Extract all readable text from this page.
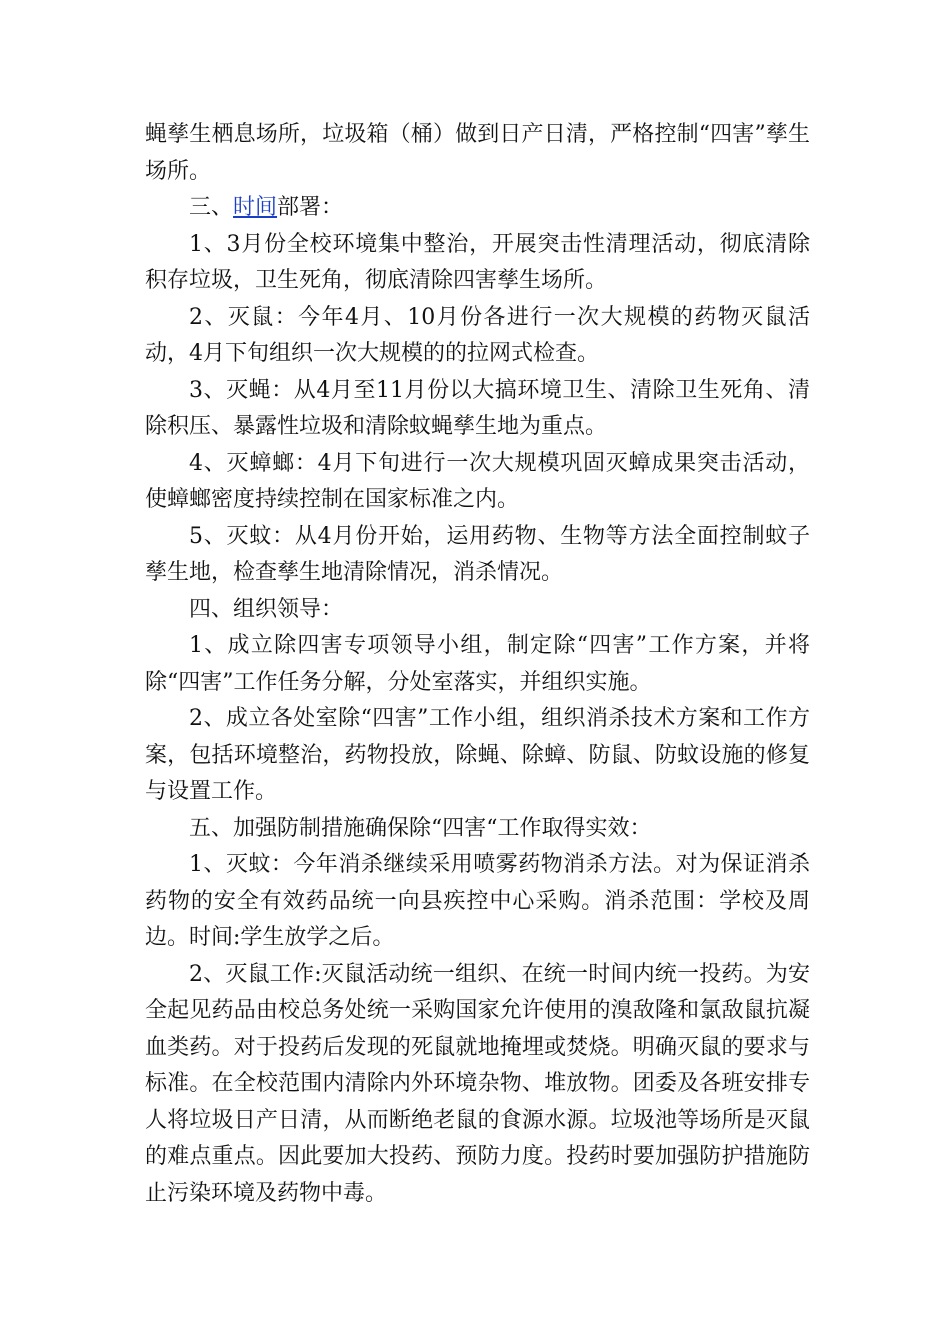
蝇孳生栖息场所，垃圾箱（桶）做到日产日清，严格控制“四害”孳生场所。

三、时间部署：

1、3月份全校环境集中整治，开展突击性清理活动，彻底清除积存垃圾，卫生死角，彻底清除四害孳生场所。

2、灭鼠：今年4月、10月份各进行一次大规模的药物灭鼠活动，4月下旬组织一次大规模的的拉网式检查。

3、灭蝇：从4月至11月份以大搞环境卫生、清除卫生死角、清除积压、暴露性垃圾和清除蚊蝇孳生地为重点。

4、灭蟑螂：4月下旬进行一次大规模巩固灭蟑成果突击活动，使蟑螂密度持续控制在国家标准之内。

5、灭蚊：从4月份开始，运用药物、生物等方法全面控制蚊子孳生地，检查孳生地清除情况，消杀情况。

四、组织领导：

1、成立除四害专项领导小组，制定除“四害”工作方案，并将除“四害”工作任务分解，分处室落实，并组织实施。

2、成立各处室除“四害”工作小组，组织消杀技术方案和工作方案，包括环境整治，药物投放，除蝇、除蟑、防鼠、防蚊设施的修复与设置工作。

五、加强防制措施确保除“四害“工作取得实效：

1、灭蚊：今年消杀继续采用喷雾药物消杀方法。对为保证消杀药物的安全有效药品统一向县疾控中心采购。消杀范围：学校及周边。时间:学生放学之后。

2、灭鼠工作:灭鼠活动统一组织、在统一时间内统一投药。为安全起见药品由校总务处统一采购国家允许使用的溴敌隆和氯敌鼠抗凝血类药。对于投药后发现的死鼠就地掩埋或焚烧。明确灭鼠的要求与标准。在全校范围内清除内外环境杂物、堆放物。团委及各班安排专人将垃圾日产日清，从而断绝老鼠的食源水源。垃圾池等场所是灭鼠的难点重点。因此要加大投药、预防力度。投药时要加强防护措施防止污染环境及药物中毒。
